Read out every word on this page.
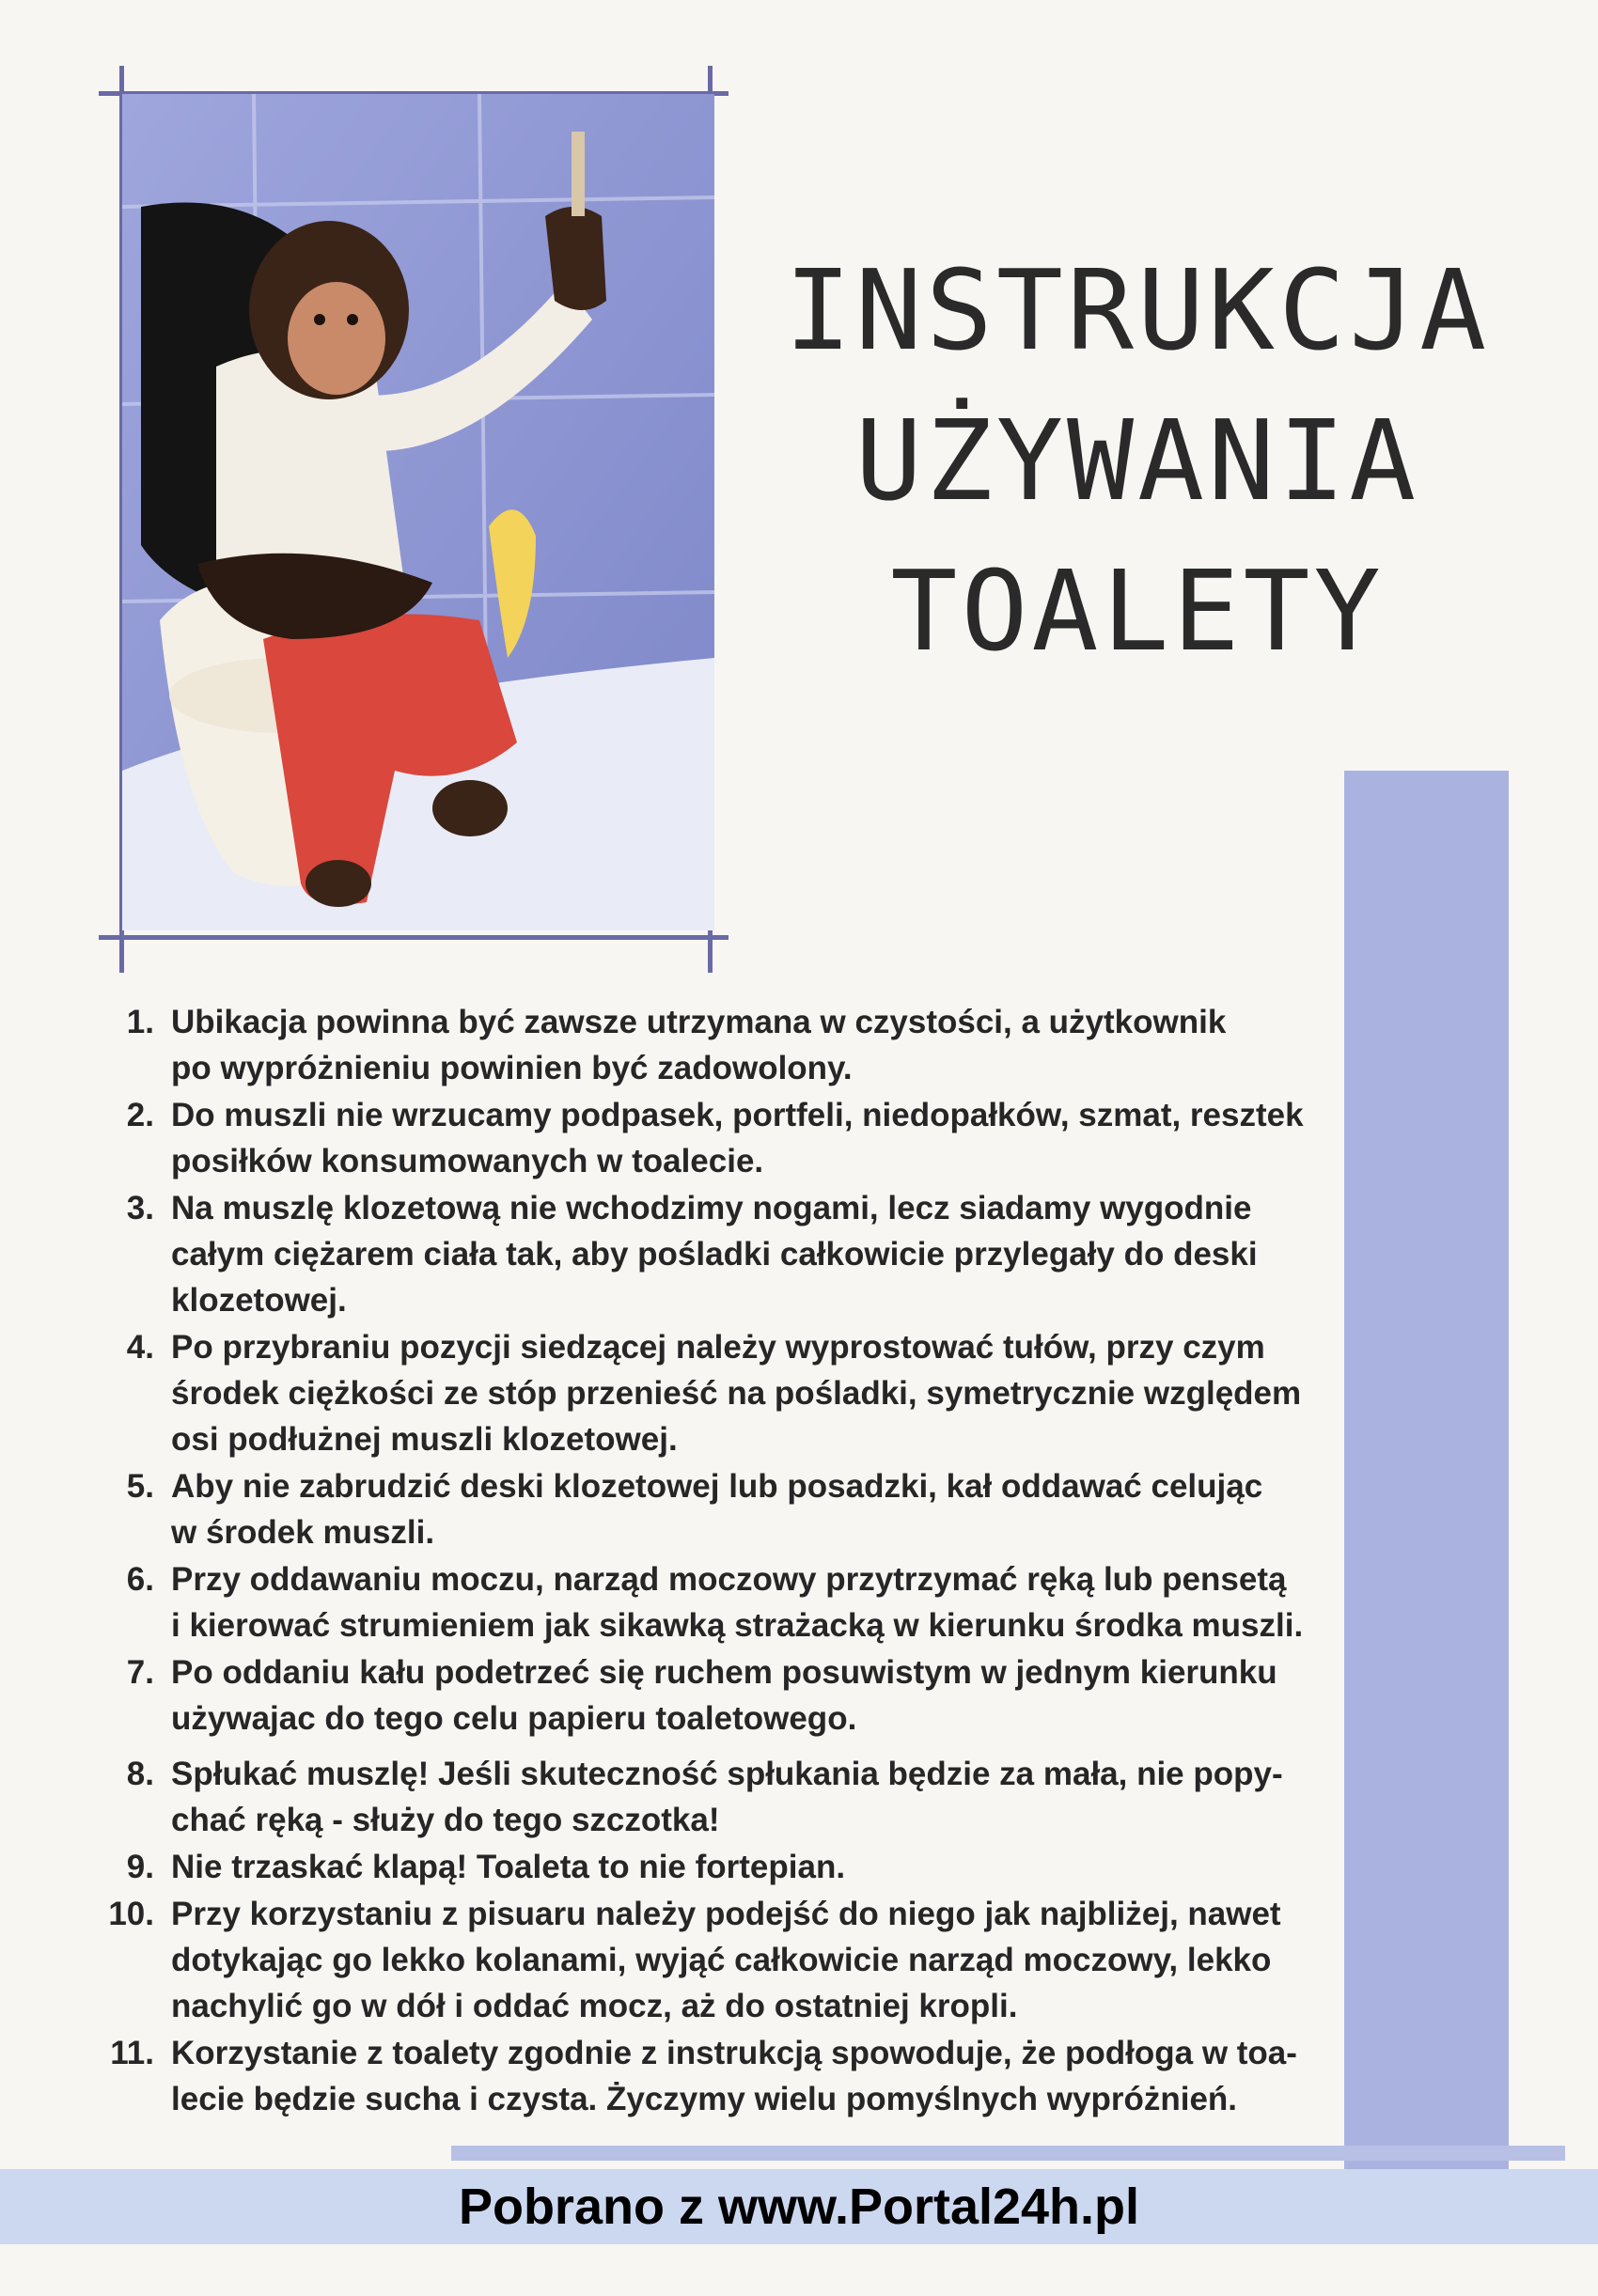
INSTRUKCJA
UŻYWANIA
TOALETY
1. Ubikacja powinna być zawsze utrzymana w czystości, a użytkownik
po wypróżnieniu powinien być zadowolony.
2. Do muszli nie wrzucamy podpasek, portfeli, niedopałków, szmat, resztek
posiłków konsumowanych w toalecie.
3. Na muszlę klozetową nie wchodzimy nogami, lecz siadamy wygodnie
całym ciężarem ciała tak, aby pośladki całkowicie przylegały do deski
klozetowej.
4. Po przybraniu pozycji siedzącej należy wyprostować tułów, przy czym
środek ciężkości ze stóp przenieść na pośladki, symetrycznie względem
osi podłużnej muszli klozetowej.
5. Aby nie zabrudzić deski klozetowej lub posadzki, kał oddawać celując
w środek muszli.
6. Przy oddawaniu moczu, narząd moczowy przytrzymać ręką lub pensetą
i kierować strumieniem jak sikawką strażacką w kierunku środka muszli.
7. Po oddaniu kału podetrzeć się ruchem posuwistym w jednym kierunku
używajac do tego celu papieru toaletowego.
8. Spłukać muszlę! Jeśli skuteczność spłukania będzie za mała, nie popy-
chać ręką - służy do tego szczotka!
9. Nie trzaskać klapą! Toaleta to nie fortepian.
10. Przy korzystaniu z pisuaru należy podejść do niego jak najbliżej, nawet
dotykając go lekko kolanami, wyjąć całkowicie narząd moczowy, lekko
nachylić go w dół i oddać mocz, aż do ostatniej kropli.
11. Korzystanie z toalety zgodnie z instrukcją spowoduje, że podłoga w toa-
lecie będzie sucha i czysta. Życzymy wielu pomyślnych wypróżnień.
Pobrano z www.Portal24h.pl
